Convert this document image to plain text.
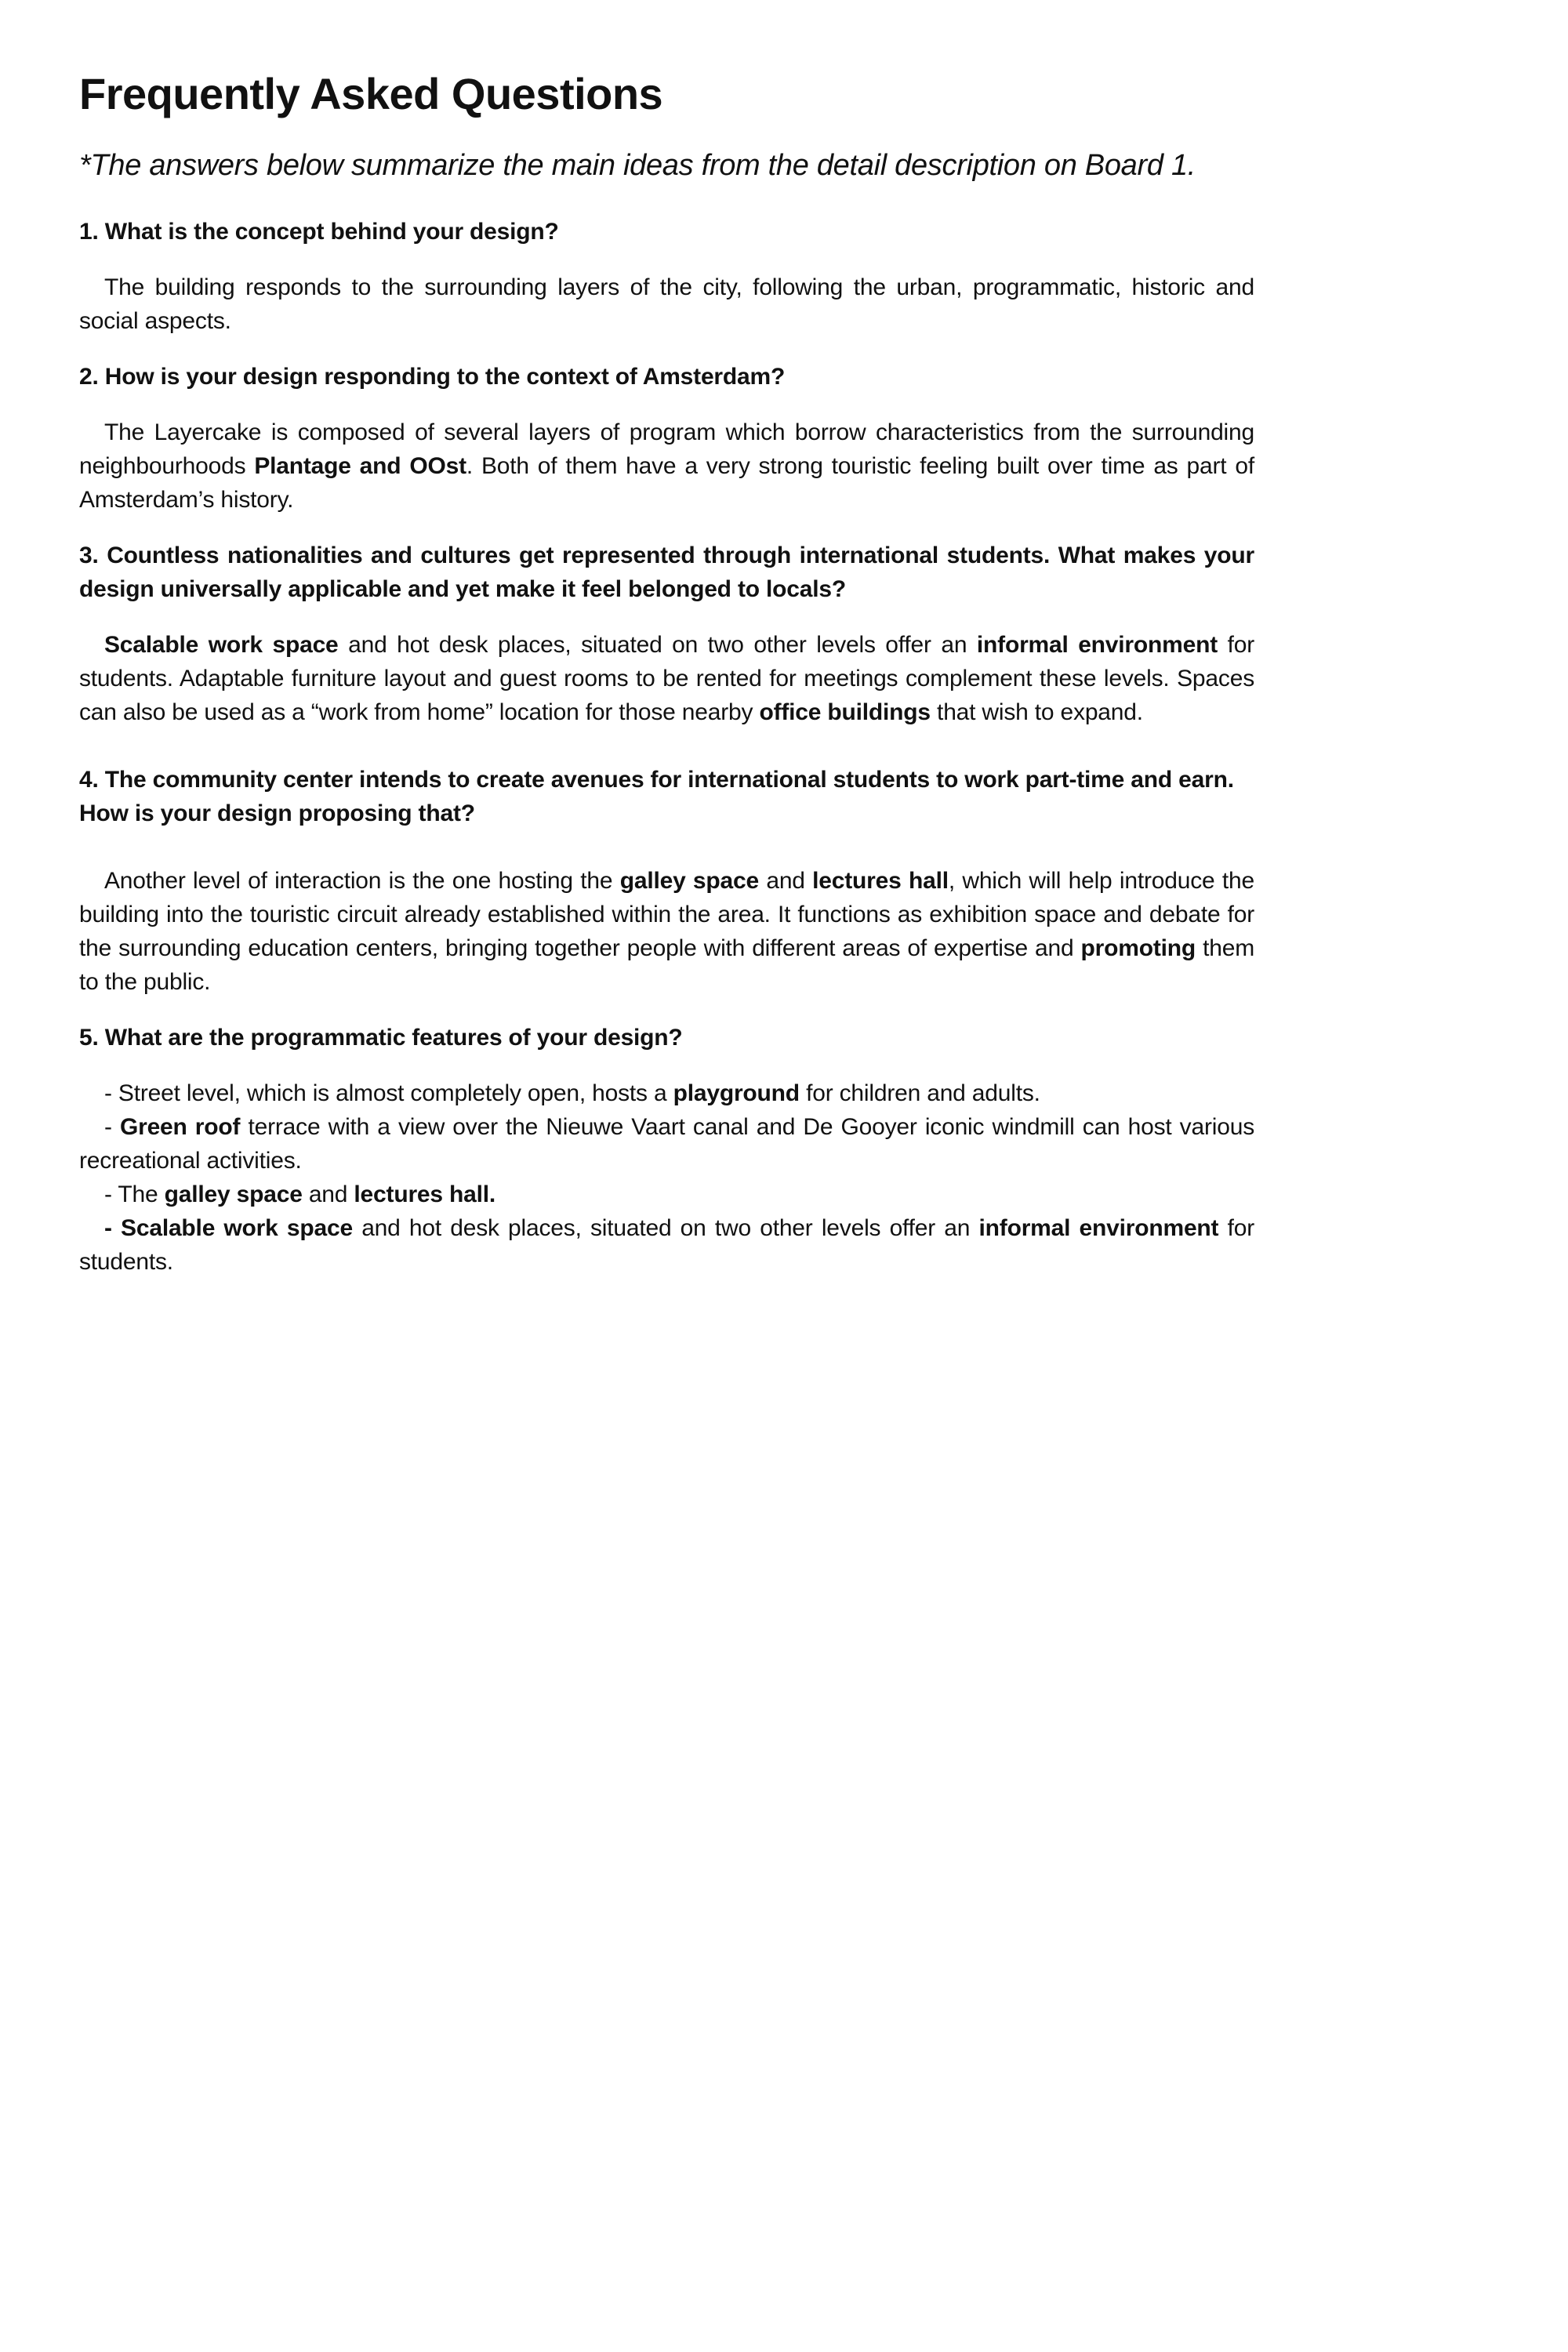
Frequently Asked Questions

*The answers below summarize the main ideas from the detail description on Board 1.

1. What is the concept behind your design?

The building responds to the surrounding layers of the city, following the urban, programmatic, historic and social aspects.

2. How is your design responding to the context of Amsterdam?

The Layercake is composed of several layers of program which borrow characteristics from the surrounding neighbourhoods Plantage and OOst. Both of them have a very strong touristic feeling built over time as part of Amsterdam’s history.

3. Countless nationalities and cultures get represented through international students. What makes your design universally applicable and yet make it feel belonged to locals?

Scalable work space and hot desk places, situated on two other levels offer an informal environment for students. Adaptable furniture layout and guest rooms to be rented for meetings complement these levels. Spaces can also be used as a “work from home” location for those nearby office buildings that wish to expand.

4. The community center intends to create avenues for international students to work part-time and earn.
How is your design proposing that?

Another level of interaction is the one hosting the galley space and lectures hall, which will help introduce the building into the touristic circuit already established within the area. It functions as exhibition space and debate for the surrounding education centers, bringing together people with different areas of expertise and promoting them to the public.

5. What are the programmatic features of your design?

- Street level, which is almost completely open, hosts a playground for children and adults.

- Green roof terrace with a view over the Nieuwe Vaart canal and De Gooyer iconic windmill can host various recreational activities.

- The galley space and lectures hall.

- Scalable work space and hot desk places, situated on two other levels offer an informal environment for students.
